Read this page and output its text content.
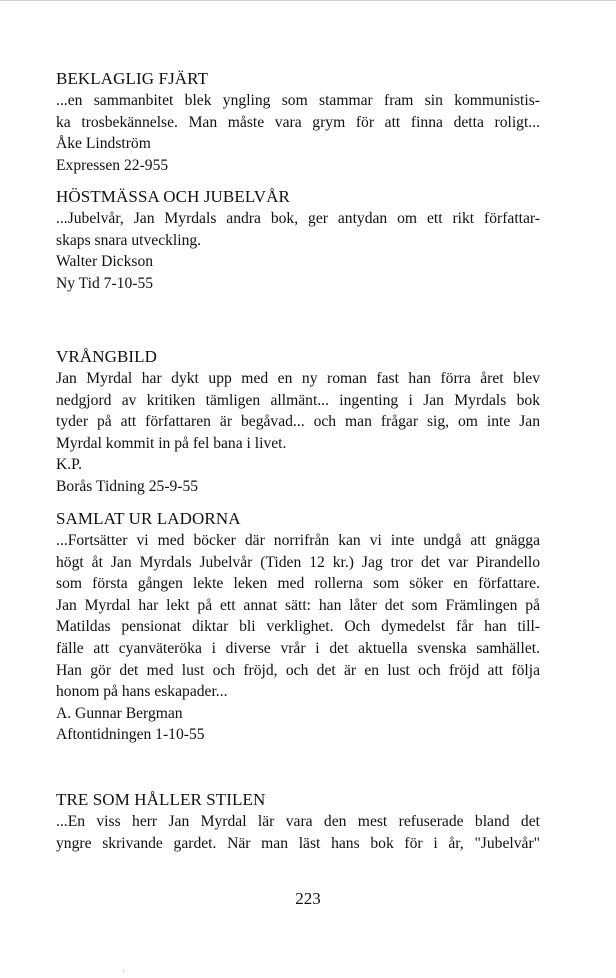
BEKLAGLIG FJÄRT

...en sammanbitet blek yngling som stammar fram sin kommunistis-

ka trosbekännelse. Man måste vara grym för att finna detta roligt...

Åke Lindström

Expressen 22-955

HÖSTMÄSSA OCH JUBELVÅR

...Jubelvår, Jan Myrdals andra bok, ger antydan om ett rikt författar-

skaps snara utveckling.

Walter Dickson

Ny Tid 7-10-55

VRÅNGBILD

Jan Myrdal har dykt upp med en ny roman fast han förra året blev

nedgjord av kritiken tämligen allmänt... ingenting i Jan Myrdals bok

tyder på att författaren är begåvad... och man frågar sig, om inte Jan

Myrdal kommit in på fel bana i livet.

K.P.

Borås Tidning 25-9-55

SAMLAT UR LADORNA

...Fortsätter vi med böcker där norrifrån kan vi inte undgå att gnägga

högt åt Jan Myrdals Jubelvår (Tiden 12 kr.) Jag tror det var Pirandello

som första gången lekte leken med rollerna som söker en författare.

Jan Myrdal har lekt på ett annat sätt: han låter det som Främlingen på

Matildas pensionat diktar bli verklighet. Och dymedelst får han till-

fälle att cyanväteröka i diverse vrår i det aktuella svenska samhället.

Han gör det med lust och fröjd, och det är en lust och fröjd att följa

honom på hans eskapader...

A. Gunnar Bergman

Aftontidningen 1-10-55

TRE SOM HÅLLER STILEN

...En viss herr Jan Myrdal lär vara den mest refuserade bland det

yngre skrivande gardet. När man läst hans bok för i år, "Jubelvår"

223

·
